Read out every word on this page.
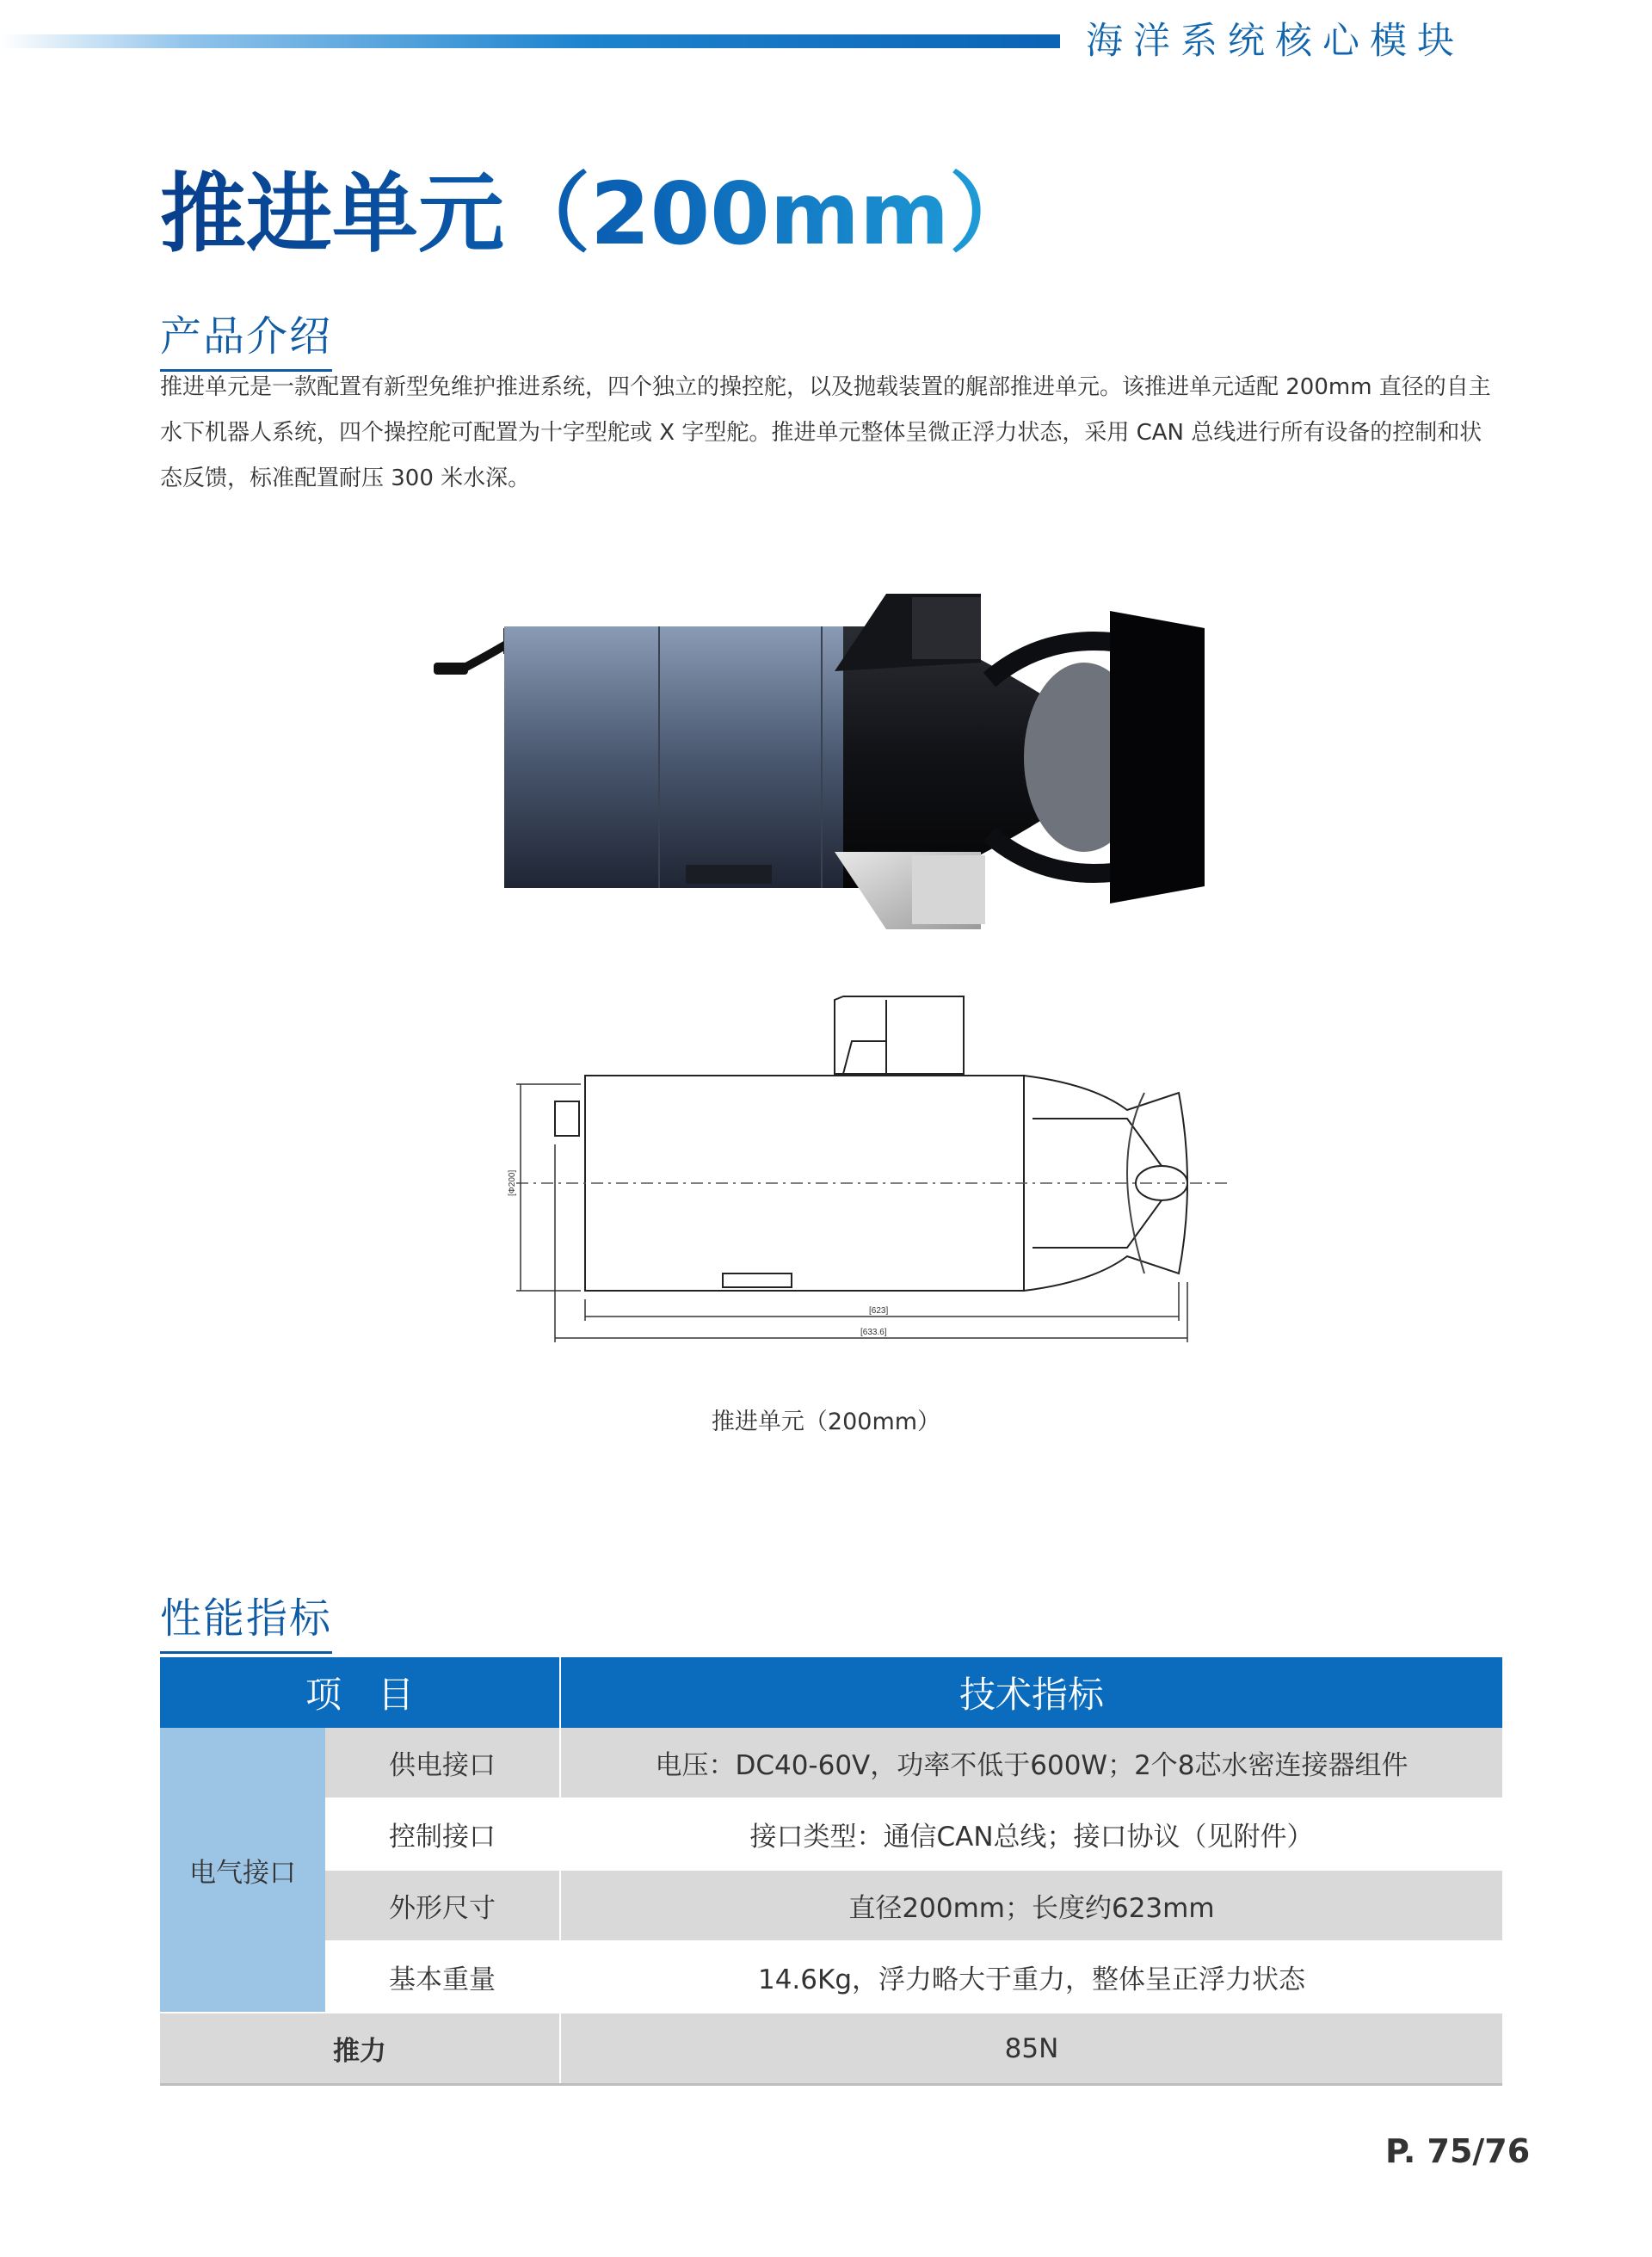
海洋系统核心模块
推进单元（200mm）
产品介绍
推进单元是一款配置有新型免维护推进系统，四个独立的操控舵，以及抛载装置的艉部推进单元。该推进单元适配 200mm 直径的自主水下机器人系统，四个操控舵可配置为十字型舵或 X 字型舵。推进单元整体呈微正浮力状态，采用 CAN 总线进行所有设备的控制和状态反馈，标准配置耐压 300 米水深。
[Φ200]
[623]
[633.6]
推进单元（200mm）
性能指标
项　目		技术指标
电气接口	供电接口	电压：DC40-60V，功率不低于600W；2个8芯水密连接器组件
	控制接口	接口类型：通信CAN总线；接口协议（见附件）
	外形尺寸	直径200mm；长度约623mm
	基本重量	14.6Kg，浮力略大于重力，整体呈正浮力状态
推力		85N
P. 75/76
